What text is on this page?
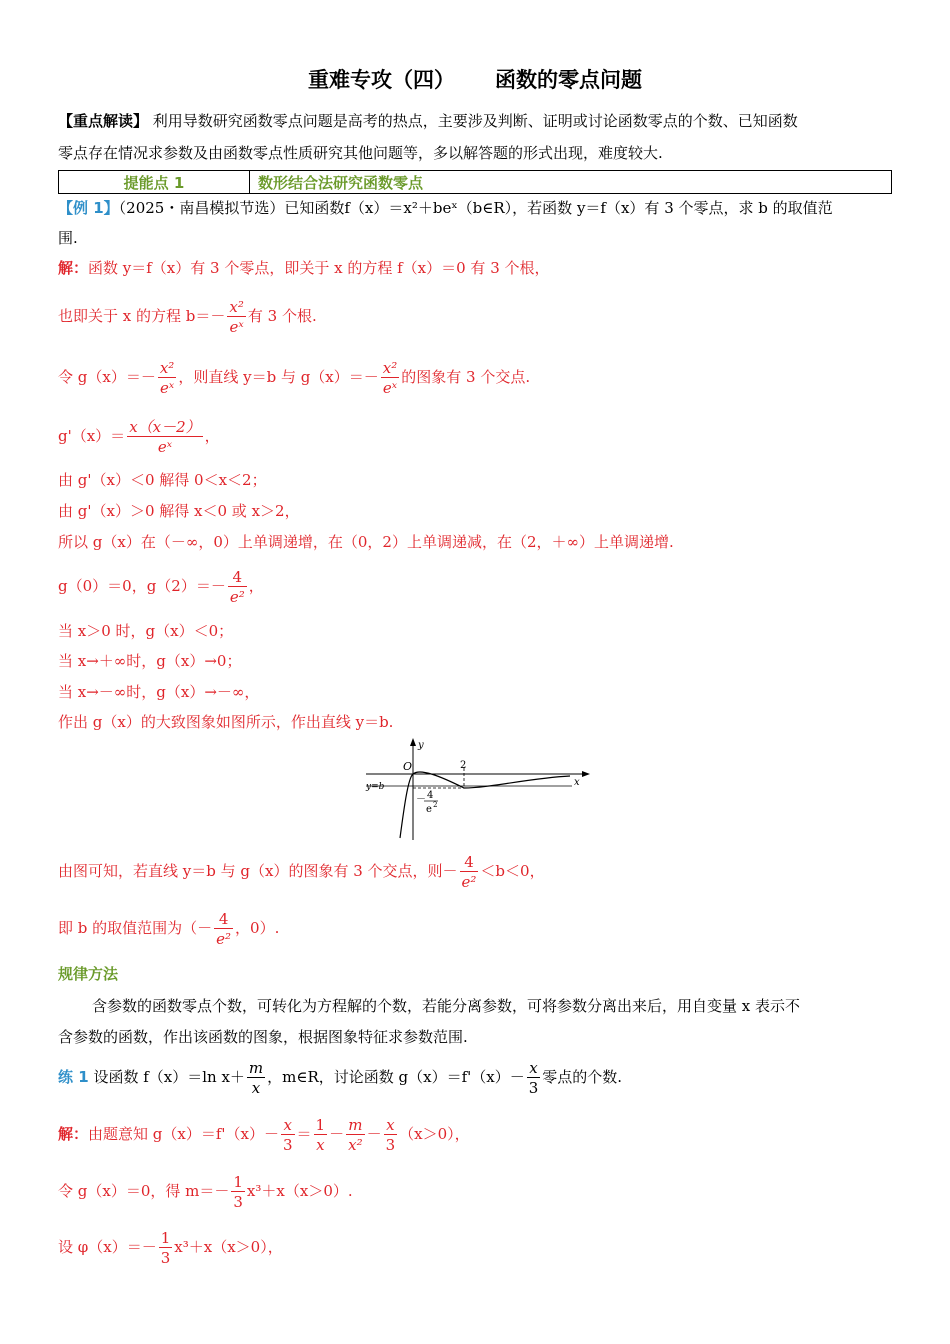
重难专攻（四） 函数的零点问题
【重点解读】 利用导数研究函数零点问题是高考的热点，主要涉及判断、证明或讨论函数零点的个数、已知函数
零点存在情况求参数及由函数零点性质研究其他问题等，多以解答题的形式出现，难度较大.
提能点 1	数形结合法研究函数零点
【例 1】（2025・南昌模拟节选）已知函数f（x）＝x²＋beˣ（b∈R），若函数 y＝f（x）有 3 个零点，求 b 的取值范
围.
解：函数 y＝f（x）有 3 个零点，即关于 x 的方程 f（x）＝0 有 3 个根，
也即关于 x 的方程 $b=- \frac{\text{x²}}{\text{eˣ}}$ 有 3 个根.
令 $g(x)=- \frac{\text{x²}}{\text{eˣ}}$ ，则直线 y＝b 与 $g(x)=- \frac{\text{x²}}{\text{eˣ}}$ 的图象有 3 个交点.
$g'(x)= \frac{x(x-2)}{\text{eˣ}}$ ，
由 g'（x）＜0 解得 0＜x＜2；
由 g'（x）＞0 解得 x＜0 或 x＞2，
所以 g（x）在（－∞，0）上单调递增，在（0，2）上单调递减，在（2，＋∞）上单调递增.
g（0）＝0，$g(2)=- \frac{4}{\text{e²}}$ ，
当 x＞0 时，g（x）＜0；
当 x→＋∞时，g（x）→0；
当 x→－∞时，g（x）→－∞，
作出 g（x）的大致图象如图所示，作出直线 y＝b.
O
y
x
2
y=b
－ 4
e 2
由图可知，若直线 y＝b 与 g（x）的图象有 3 个交点，则－ $\frac{4}{\text{e²}} <b<0$，
即 b 的取值范围为（－ $\frac{4}{\text{e²}}$ ，0）.
规律方法
含参数的函数零点个数，可转化为方程解的个数，若能分离参数，可将参数分离出来后，用自变量 x 表示不
含参数的函数，作出该函数的图象，根据图象特征求参数范围.
练 1 设函数 f（x）＝ln $x+ \frac{m}{x}$ ，m∈R，讨论函数 $g(x)=f'(x)- \frac{x}{3}$ 零点的个数.
解：由题意知 $g(x)=f'(x)- \frac{x}{3} = \frac{1}{x} - \frac{m}{\text{x²}} - \frac{x}{3} (x>0)$，
令 g（x）＝0，得 $m=- \frac{1}{3} x^3+x(x>0)$.
设 $\varphi(x)=- \frac{1}{3} x^3+x(x>0)$，
